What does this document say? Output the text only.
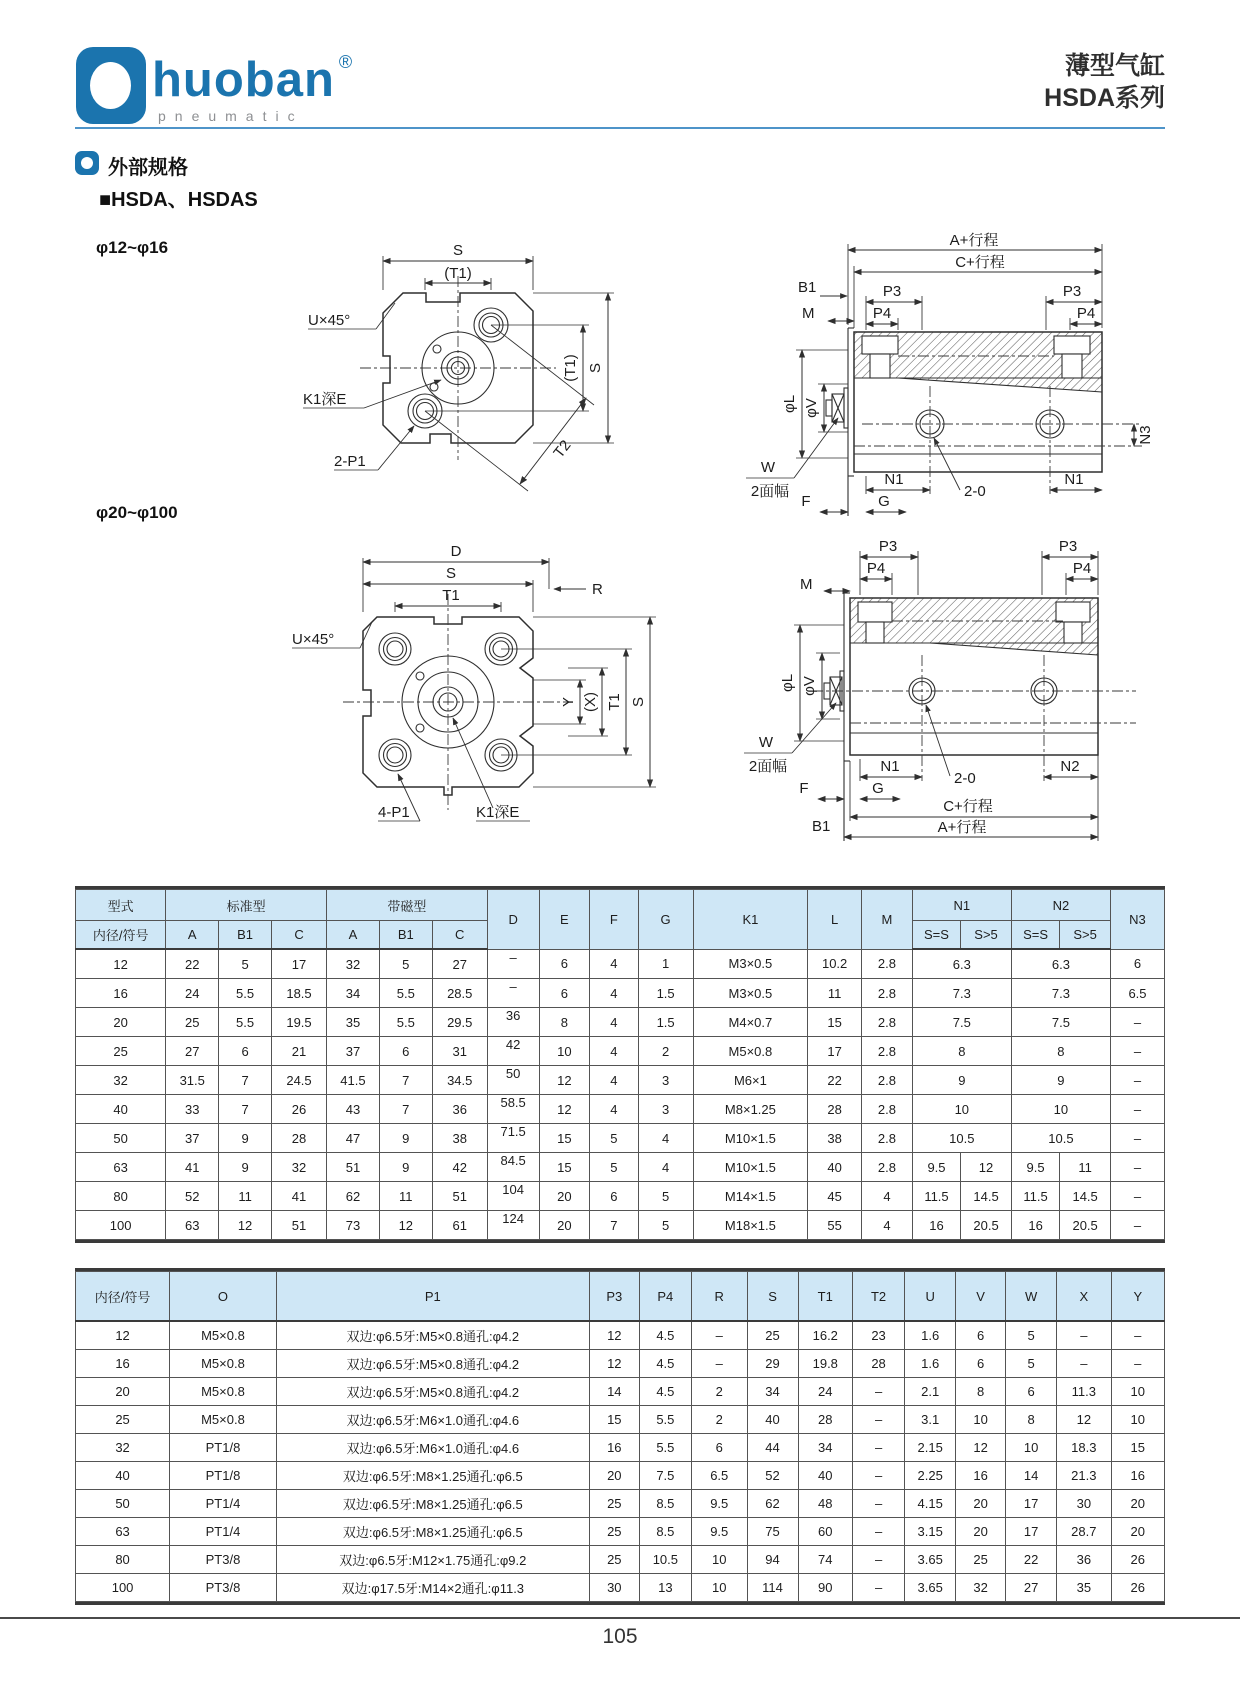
huoban ®
pneumatic
薄型气缸
HSDA系列
外部规格
■HSDA、HSDAS
φ12~φ16
φ20~φ100
S
(T1)
(T1) S
T2
U×45°
K1深E
2-P1
A+行程
C+行程
B1
M
P3	P3
P4	P4
φL φV
W
2面幅
N1	N1
2-0
N3
G
F
D
S
T1	R
Y (X) T1 S
U×45°
4-P1	K1深E
P3	P3
P4	P4
M
φL φV
W
2面幅	N1
2-0
N2
G
F
B1
C+行程
A+行程
型式	标准型			带磁型			D	E	F	G	K1	L	M	N1		N2		N3
内径/符号	A	B1	C	A	B1	C								S=S	S>5	S=S	S>5	
12	22	5	17	32	5	27	–	6	4	1	M3×0.5	10.2	2.8	6.3		6.3		6
16	24	5.5	18.5	34	5.5	28.5	–	6	4	1.5	M3×0.5	11	2.8	7.3		7.3		6.5
20	25	5.5	19.5	35	5.5	29.5	36	8	4	1.5	M4×0.7	15	2.8	7.5		7.5		–
25	27	6	21	37	6	31	42	10	4	2	M5×0.8	17	2.8	8		8		–
32	31.5	7	24.5	41.5	7	34.5	50	12	4	3	M6×1	22	2.8	9		9		–
40	33	7	26	43	7	36	58.5	12	4	3	M8×1.25	28	2.8	10		10		–
50	37	9	28	47	9	38	71.5	15	5	4	M10×1.5	38	2.8	10.5		10.5		–
63	41	9	32	51	9	42	84.5	15	5	4	M10×1.5	40	2.8	9.5	12	9.5	11	–
80	52	11	41	62	11	51	104	20	6	5	M14×1.5	45	4	11.5	14.5	11.5	14.5	–
100	63	12	51	73	12	61	124	20	7	5	M18×1.5	55	4	16	20.5	16	20.5	–
内径/符号	O	P1	P3	P4	R	S	T1	T2	U	V	W	X	Y
12	M5×0.8	双边:φ6.5牙:M5×0.8通孔:φ4.2	12	4.5	–	25	16.2	23	1.6	6	5	–	–
16	M5×0.8	双边:φ6.5牙:M5×0.8通孔:φ4.2	12	4.5	–	29	19.8	28	1.6	6	5	–	–
20	M5×0.8	双边:φ6.5牙:M5×0.8通孔:φ4.2	14	4.5	2	34	24	–	2.1	8	6	11.3	10
25	M5×0.8	双边:φ6.5牙:M6×1.0通孔:φ4.6	15	5.5	2	40	28	–	3.1	10	8	12	10
32	PT1/8	双边:φ6.5牙:M6×1.0通孔:φ4.6	16	5.5	6	44	34	–	2.15	12	10	18.3	15
40	PT1/8	双边:φ6.5牙:M8×1.25通孔:φ6.5	20	7.5	6.5	52	40	–	2.25	16	14	21.3	16
50	PT1/4	双边:φ6.5牙:M8×1.25通孔:φ6.5	25	8.5	9.5	62	48	–	4.15	20	17	30	20
63	PT1/4	双边:φ6.5牙:M8×1.25通孔:φ6.5	25	8.5	9.5	75	60	–	3.15	20	17	28.7	20
80	PT3/8	双边:φ6.5牙:M12×1.75通孔:φ9.2	25	10.5	10	94	74	–	3.65	25	22	36	26
100	PT3/8	双边:φ17.5牙:M14×2通孔:φ11.3	30	13	10	114	90	–	3.65	32	27	35	26
105
